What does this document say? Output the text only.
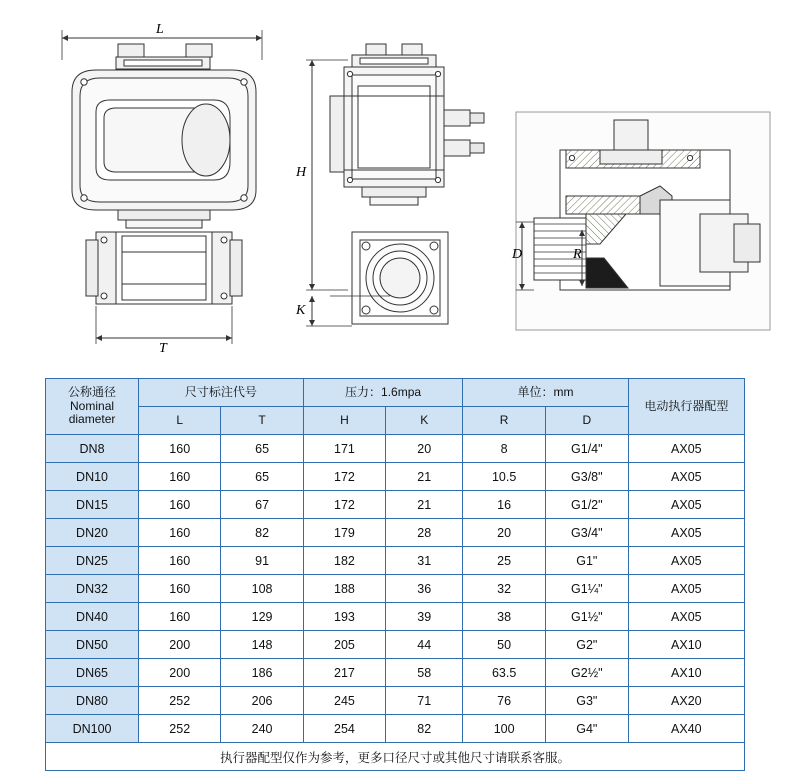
L
H
K
T
D	R
公称通径
Nominal
diameter	尺寸标注代号		压力：1.6mpa		单位：mm		电动执行器配型
	L	T	H	K	R	D	
DN8	160	65	171	20	8	G1/4"	AX05
DN10	160	65	172	21	10.5	G3/8"	AX05
DN15	160	67	172	21	16	G1/2"	AX05
DN20	160	82	179	28	20	G3/4"	AX05
DN25	160	91	182	31	25	G1"	AX05
DN32	160	108	188	36	32	G1¼"	AX05
DN40	160	129	193	39	38	G1½"	AX05
DN50	200	148	205	44	50	G2"	AX10
DN65	200	186	217	58	63.5	G2½"	AX10
DN80	252	206	245	71	76	G3"	AX20
DN100	252	240	254	82	100	G4"	AX40
执行器配型仅作为参考，更多口径尺寸或其他尺寸请联系客服。							
